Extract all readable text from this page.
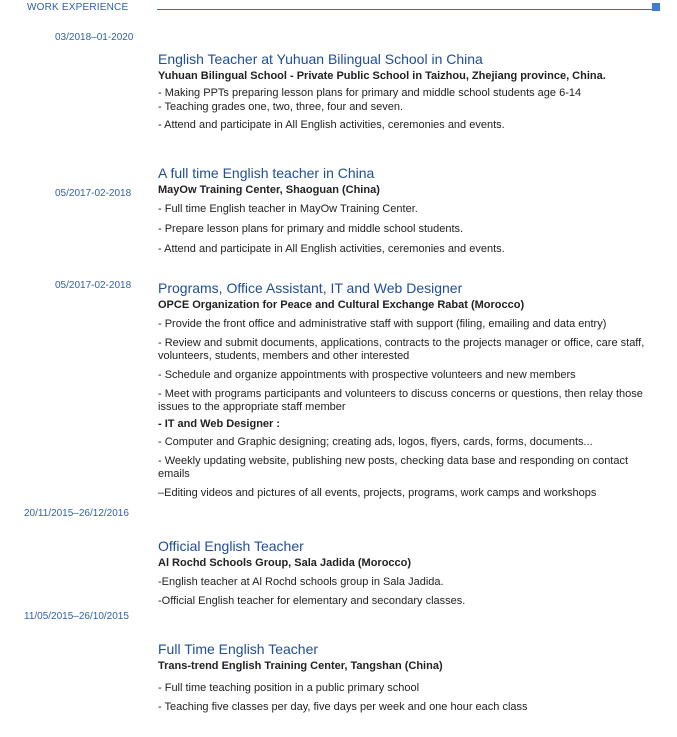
WORK EXPERIENCE
03/2018–01-2020
05/2017-02-2018
05/2017-02-2018
20/11/2015–26/12/2016
11/05/2015–26/10/2015
English Teacher at Yuhuan Bilingual School in China
Yuhuan Bilingual School - Private Public School in Taizhou, Zhejiang province, China.
- Making PPTs preparing lesson plans for primary and middle school students age 6-14
- Teaching grades one, two, three, four and seven.
- Attend and participate in All English activities, ceremonies and events.
A full time English teacher in China
MayOw Training Center, Shaoguan (China)
- Full time English teacher in MayOw Training Center.
- Prepare lesson plans for primary and middle school students.
- Attend and participate in All English activities, ceremonies and events.
Programs, Office Assistant, IT and Web Designer
OPCE Organization for Peace and Cultural Exchange Rabat (Morocco)
- Provide the front office and administrative staff with support (filing, emailing and data entry)
- Review and submit documents, applications, contracts to the projects manager or office, care staff, volunteers, students, members and other interested
- Schedule and organize appointments with prospective volunteers and new members
- Meet with programs participants and volunteers to discuss concerns or questions, then relay those issues to the appropriate staff member
- IT and Web Designer :
- Computer and Graphic designing; creating ads, logos, flyers, cards, forms, documents...
- Weekly updating website, publishing new posts, checking data base and responding on contact emails
–Editing videos and pictures of all events, projects, programs, work camps and workshops
Official English Teacher
Al Rochd Schools Group, Sala Jadida (Morocco)
-English teacher at Al Rochd schools group in Sala Jadida.
-Official English teacher for elementary and secondary classes.
Full Time English Teacher
Trans-trend English Training Center, Tangshan (China)
- Full time teaching position in a public primary school
- Teaching five classes per day, five days per week and one hour each class
